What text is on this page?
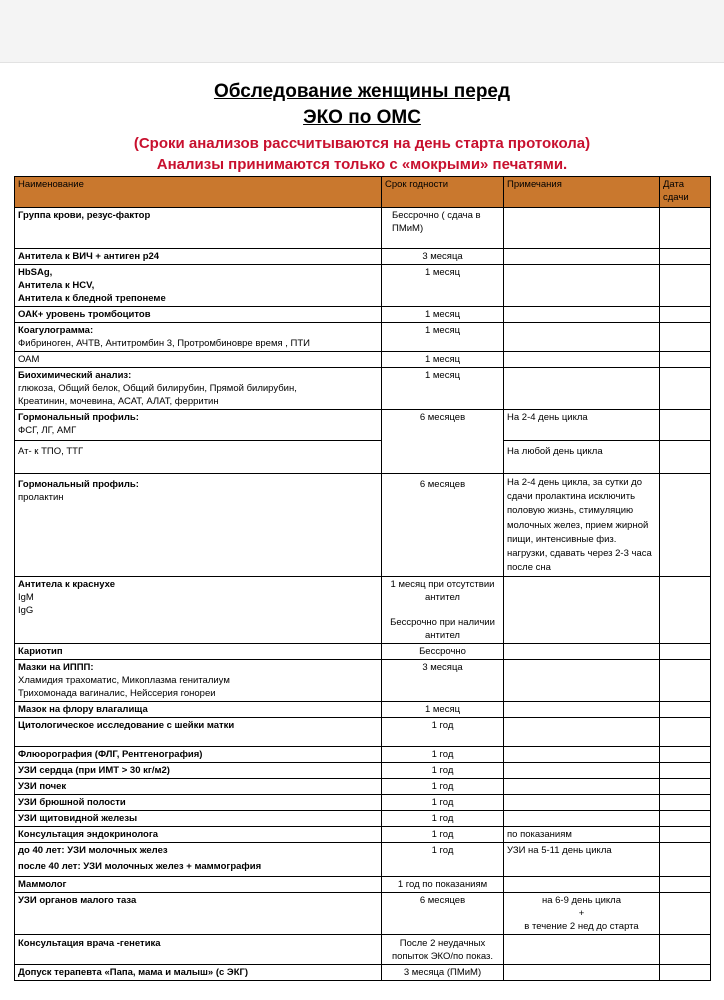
Обследование женщины перед
ЭКО по ОМС
(Сроки анализов рассчитываются на день старта протокола)
Анализы принимаются только с «мокрыми» печатями.
Наименование	Срок годности	Примечания	Дата сдачи

Группа крови, резус-фактор	Бессрочно ( сдача в ПМиМ)		

Антитела к ВИЧ + антиген р24	3 месяца		

HbSAg,
Антитела к HCV,
Антитела к бледной трепонеме	1 месяц		

ОАК+ уровень тромбоцитов	1 месяц		

Коагулограмма:
Фибриноген, АЧТВ, Антитромбин 3, Протромбиновре время , ПТИ	1 месяц		

ОАМ	1 месяц		

Биохимический анализ:
глюкоза, Общий белок, Общий билирубин, Прямой билирубин,
Креатинин, мочевина, АСАТ, АЛАТ, ферритин	1 месяц		

Гормональный профиль:
ФСГ, ЛГ, АМГ	6 месяцев	На 2-4 день цикла	

Ат- к ТПО, ТТГ		На любой день цикла	

Гормональный профиль:
пролактин	6 месяцев	На 2-4 день цикла, за сутки до сдачи пролактина исключить половую жизнь, стимуляцию молочных желез, прием жирной пищи, интенсивные физ. нагрузки, сдавать через 2-3 часа после сна	

Антитела к краснухе
IgM
IgG	1 месяц при отсутствии антител
Бессрочно при наличии антител		

Кариотип	Бессрочно		

Мазки на ИППП:
Хламидия трахоматис, Микоплазма гениталиум
Трихомонада вагиналис, Нейссерия гонореи	3 месяца		

Мазок на флору влагалища	1 месяц		

Цитологическое исследование с шейки матки	1 год		

Флюорография (ФЛГ, Рентгенография)	1 год		

УЗИ сердца (при ИМТ > 30 кг/м2)	1 год		

УЗИ почек	1 год		

УЗИ брюшной полости	1 год		

УЗИ щитовидной железы	1 год		

Консультация эндокринолога	1 год	по показаниям	

до 40 лет: УЗИ молочных желез
после 40 лет: УЗИ молочных желез + маммография	1 год	УЗИ на 5-11 день цикла	

Маммолог	1 год по показаниям		

УЗИ органов малого таза	6 месяцев	на 6-9 день цикла
+
в течение 2 нед до старта	

Консультация врача -генетика	После 2 неудачных попыток ЭКО/по показ.		

Допуск терапевта «Папа, мама и малыш» (с ЭКГ)	3 месяца (ПМиМ)		
